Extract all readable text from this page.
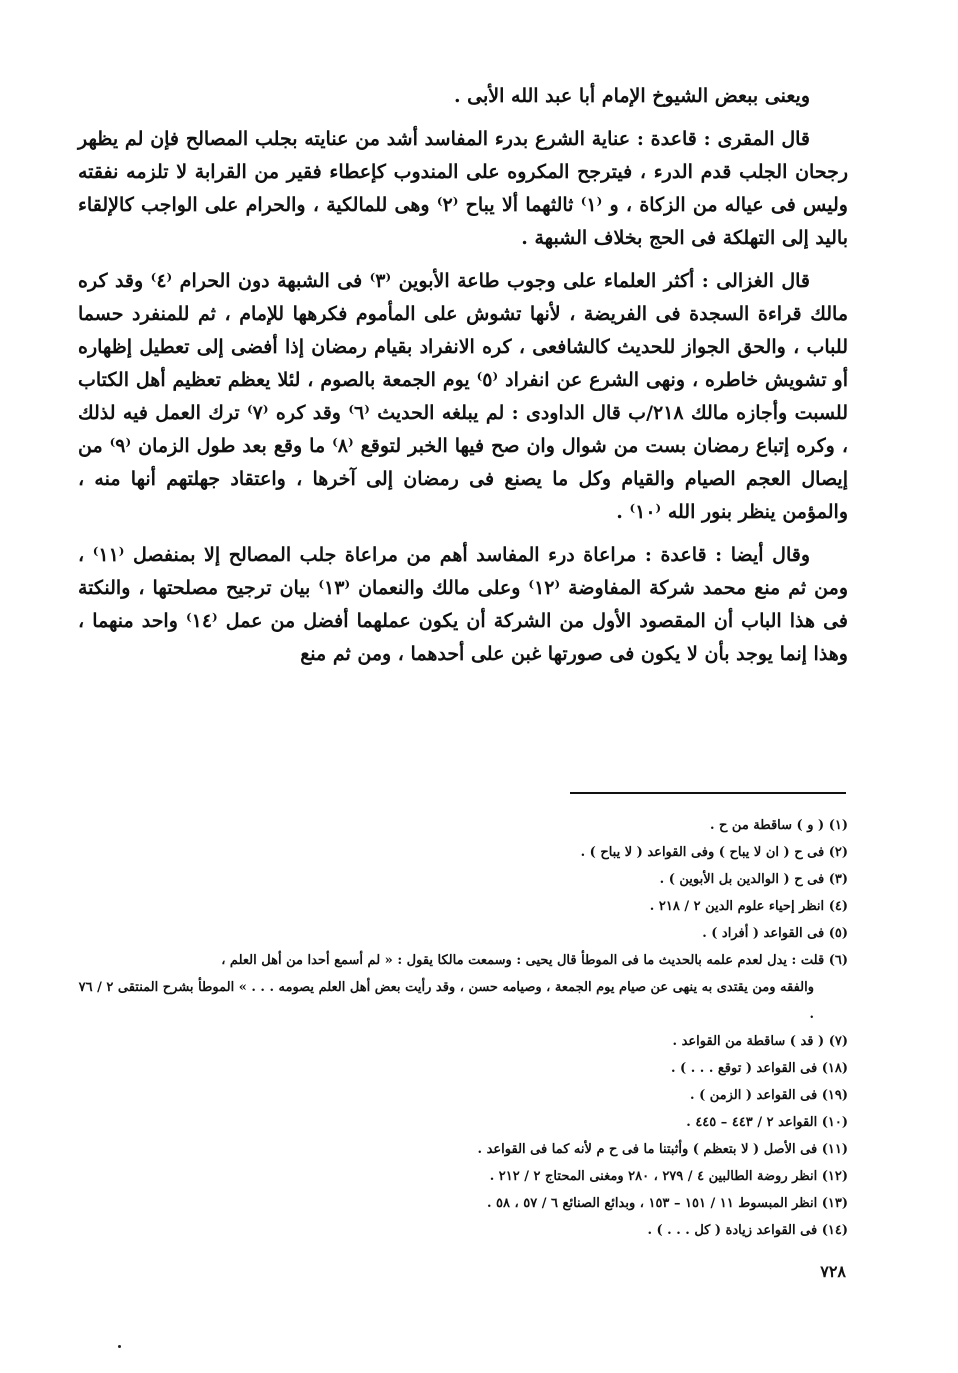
ويعنى ببعض الشيوخ الإمام أبا عبد الله الأبى .

قال المقرى : قاعدة : عناية الشرع بدرء المفاسد أشد من عنايته بجلب المصالح فإن لم يظهر رجحان الجلب قدم الدرء ، فيترجح المكروه على المندوب كإعطاء فقير من القرابة لا تلزمه نفقته وليس فى عياله من الزكاة ، و ⁽١⁾ ثالثهما ألا يباح ⁽٢⁾ وهى للمالكية ، والحرام على الواجب كالإلقاء باليد إلى التهلكة فى الحج بخلاف الشبهة .

قال الغزالى : أكثر العلماء على وجوب طاعة الأبوين ⁽٣⁾ فى الشبهة دون الحرام ⁽٤⁾ وقد كره مالك قراءة السجدة فى الفريضة ، لأنها تشوش على المأموم فكرهها للإمام ، ثم للمنفرد حسما للباب ، والحق الجواز للحديث كالشافعى ، كره الانفراد بقيام رمضان إذا أفضى إلى تعطيل إظهاره أو تشويش خاطره ، ونهى الشرع عن انفراد ⁽٥⁾ يوم الجمعة بالصوم ، لئلا يعظم تعظيم أهل الكتاب للسبت وأجازه مالك ٢١٨/ب قال الداودى : لم يبلغه الحديث ⁽٦⁾ وقد كره ⁽٧⁾ ترك العمل فيه لذلك ، وكره إتباع رمضان بست من شوال وان صح فيها الخبر لتوقع ⁽٨⁾ ما وقع بعد طول الزمان ⁽٩⁾ من إيصال العجم الصيام والقيام وكل ما يصنع فى رمضان إلى آخرها ، واعتقاد جهلتهم أنها منه ، والمؤمن ينظر بنور الله ⁽١٠⁾ .

وقال أيضا : قاعدة : مراعاة درء المفاسد أهم من مراعاة جلب المصالح إلا بمنفصل ⁽١١⁾ ، ومن ثم منع محمد شركة المفاوضة ⁽١٢⁾ وعلى مالك والنعمان ⁽١٣⁾ بيان ترجيح مصلحتها ، والنكتة فى هذا الباب أن المقصود الأول من الشركة أن يكون عملهما أفضل من عمل ⁽١٤⁾ واحد منهما ، وهذا إنما يوجد بأن لا يكون فى صورتها غبن على أحدهما ، ومن ثم منع

(١) ( و ) ساقطة من ح .
(٢) فى ح ( ان لا يباح ) وفى القواعد ( لا يباح ) .
(٣) فى ح ( الوالدين بل الأبوين ) .
(٤) انظر إحياء علوم الدين ٢ / ٢١٨ .
(٥) فى القواعد ( أفراد ) .
(٦) قلت : يدل لعدم علمه بالحديث ما فى الموطأ قال يحيى : وسمعت مالكا يقول : « لم أسمع أحدا من أهل العلم ،
والفقه ومن يقتدى به ينهى عن صيام يوم الجمعة ، وصيامه حسن ، وقد رأيت بعض أهل العلم يصومه . . . » الموطأ بشرح المنتقى ٢ / ٧٦ .
(٧) ( قد ) ساقطة من القواعد .
(١٨) فى القواعد ( توقع . . . ) .
(١٩) فى القواعد ( الزمن ) .
(١٠) القواعد ٢ / ٤٤٣ – ٤٤٥ .
(١١) فى الأصل ( لا بتعظم ) وأثبتنا ما فى ح م لأنه كما فى القواعد .
(١٢) انظر روضة الطالبين ٤ / ٢٧٩ ، ٢٨٠ ومغنى المحتاج ٢ / ٢١٢ .
(١٣) انظر المبسوط ١١ / ١٥١ – ١٥٣ ، وبدائع الصنائع ٦ / ٥٧ ، ٥٨ .
(١٤) فى القواعد زيادة ( كل . . . ) .
٧٢٨
